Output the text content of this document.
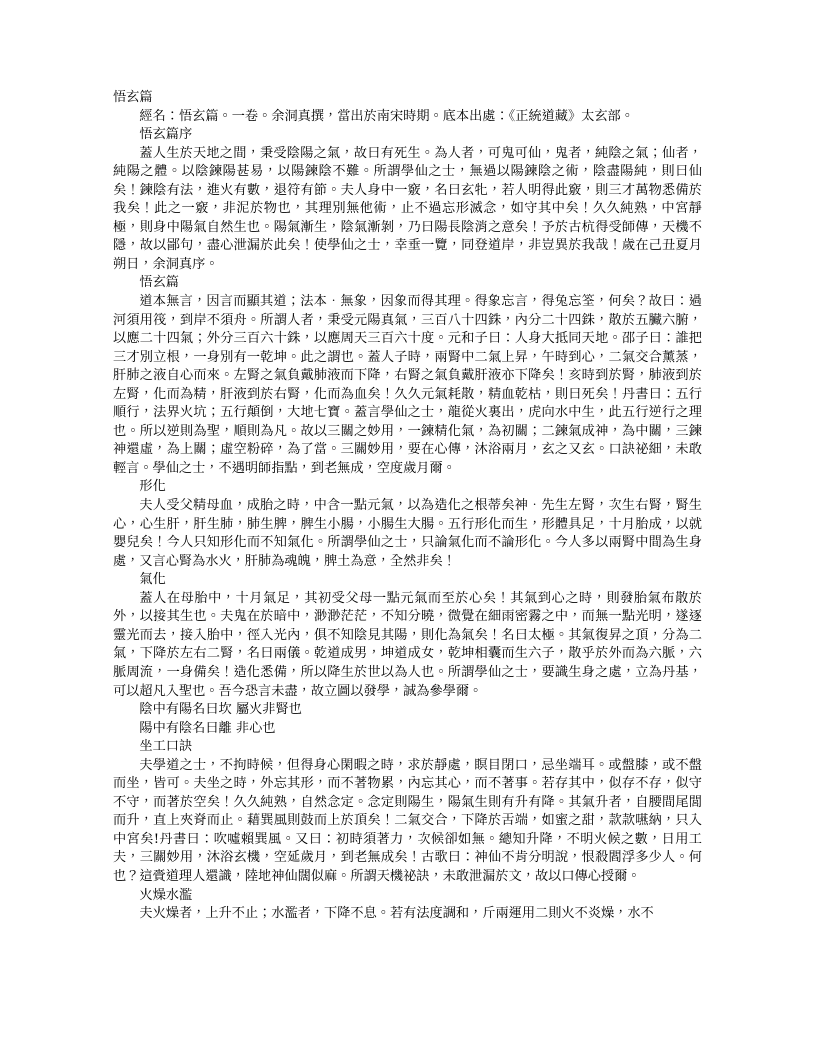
悟玄篇

經名：悟玄篇。一卷。余洞真撰，當出於南宋時期。底本出處：《正統道藏》太玄部。

悟玄篇序

蓋人生於天地之間，秉受陰陽之氣，故曰有死生。為人者，可鬼可仙，鬼者，純陰之氣；仙者，純陽之體。以陰鍊陽甚易，以陽鍊陰不難。所謂學仙之士，無過以陽鍊陰之術，陰盡陽純，則曰仙矣！鍊陰有法，進火有數，退符有節。夫人身中一竅，名曰玄牝，若人明得此竅，則三才萬物悉備於我矣！此之一竅，非泥於物也，其理別無他術，止不過忘形滅念，如守其中矣！久久純熟，中宮靜極，則身中陽氣自然生也。陽氣漸生，陰氣漸剝，乃曰陽長陰消之意矣！予於古杭得受師傳，天機不隱，故以鄙句，盡心泄漏於此矣！使學仙之士，幸垂一覽，同登道岸，非豈異於我哉！歲在己丑夏月朔日，余洞真序。

悟玄篇

道本無言，因言而顯其道；法本．無象，因象而得其理。得象忘言，得兔忘筌，何矣？故曰：過河須用筏，到岸不須舟。所謂人者，秉受元陽真氣，三百八十四銖，內分二十四銖，散於五臟六腑，以應二十四氣；外分三百六十銖，以應周天三百六十度。元和子曰：人身大抵同天地。邵子曰：誰把三才別立根，一身別有一乾坤。此之謂也。蓋人子時，兩腎中二氣上昇，午時到心，二氣交合薰蒸，肝肺之液自心而來。左腎之氣負戴肺液而下降，右腎之氣負戴肝液亦下降矣！亥時到於腎，肺液到於左腎，化而為精，肝液到於右腎，化而為血矣！久久元氣耗散，精血乾枯，則曰死矣！丹書曰：五行順行，法界火坑；五行顛倒，大地七寶。蓋言學仙之士，龍從火裏出，虎向水中生，此五行逆行之理也。所以逆則為聖，順則為凡。故以三關之妙用，一鍊精化氣，為初關；二鍊氣成神，為中關，三鍊神還虛，為上關；虛空粉碎，為了當。三關妙用，要在心傳，沐浴兩月，玄之又玄。口訣祕細，未敢輕言。學仙之士，不遇明師指點，到老無成，空度歲月爾。

形化

夫人受父精母血，成胎之時，中含一點元氣，以為造化之根蒂矣神．先生左腎，次生右腎，腎生心，心生肝，肝生肺，肺生脾，脾生小腸，小腸生大腸。五行形化而生，形體具足，十月胎成，以就嬰兒矣！今人只知形化而不知氣化。所謂學仙之士，只論氣化而不論形化。今人多以兩腎中間為生身處，又言心腎為水火，肝肺為魂魄，脾土為意，全然非矣！

氣化

蓋人在母胎中，十月氣足，其初受父母一點元氣而至於心矣！其氣到心之時，則發胎氣布散於外，以接其生也。夫鬼在於暗中，渺渺茫茫，不知分曉，微覺在細雨密霧之中，而無一點光明，遂逐靈光而去，接入胎中，徑入光內，俱不知陰見其陽，則化為氣矣！名曰太極。其氣復昇之頂，分為二氣，下降於左右二腎，名曰兩儀。乾道成男，坤道成女，乾坤相囊而生六子，散乎於外而為六脈，六脈周流，一身備矣！造化悉備，所以降生於世以為人也。所謂學仙之士，要識生身之處，立為丹基，可以超凡入聖也。吾今恐言未盡，故立圖以發學，誠為參學爾。

陰中有陽名曰坎 屬火非腎也

陽中有陰名曰離 非心也

坐工口訣

夫學道之士，不拘時候，但得身心閑暇之時，求於靜處，瞑目閉口，忌坐端耳。或盤膝，或不盤而坐，皆可。夫坐之時，外忘其形，而不著物累，內忘其心，而不著事。若存其中，似存不存，似守不守，而著於空矣！久久純熟，自然念定。念定則陽生，陽氣生則有升有降。其氣升者，自腰間尾閭而升，直上夾脊而止。藉巽風則鼓而上於頂矣！二氣交合，下降於舌端，如蜜之甜，款款嚥納，只入中宮矣!丹書曰：吹噓賴巽風。又曰：初時須著力，次候卻如無。總知升降，不明火候之數，日用工夫，三關妙用，沐浴玄機，空延歲月，到老無成矣！古歌曰：神仙不肯分明說，恨殺閻浮多少人。何也？這賫道理人還識，陸地神仙闊似麻。所謂天機祕訣，未敢泄漏於文，故以口傳心授爾。

火燥水濫

夫火燥者，上升不止；水濫者，下降不息。若有法度調和，斤兩運用二則火不炎燥，水不
